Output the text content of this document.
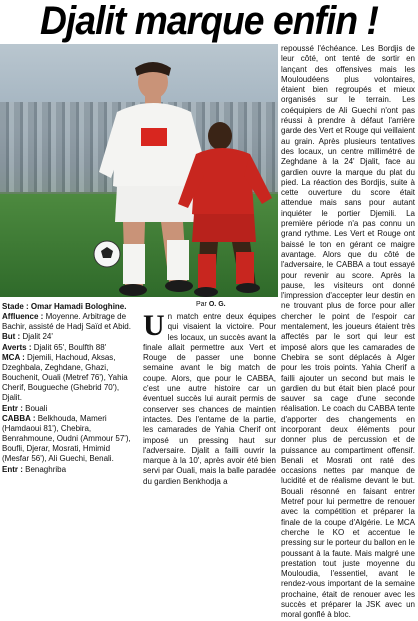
Djalit marque enfin !

Stade : Omar Hamadi Bologhine.

Affluence : Moyenne. Arbitrage de Bachir, assisté de Hadj Saïd et Abid.

But : Djalit 24'

Averts : Djalit 65', Boulfth 88'

MCA : Djemili, Hachoud, Aksas, Dzeghbala, Zeghdane, Ghazi, Bouchenit, Ouali (Metref 76'), Yahia Cherif, Bougueche (Ghebrid 70'), Djalit.

Entr : Bouali

CABBA : Belkhouda, Mameri (Hamdaoui 81'), Chebira, Benrahmoune, Oudni (Ammour 57'), Boufli, Djerar, Mosrati, Hmimid (Mesfar 56'), Ali Guechi, Benali.

Entr : Benaghriba

Par O. G.
Un match entre deux équipes qui visaient la victoire. Pour les locaux, un succès avant la finale allait permettre aux Vert et Rouge de passer une bonne semaine avant le big match de coupe. Alors, que pour le CABBA, c'est une autre histoire car un éventuel succès lui aurait permis de conserver ses chances de maintien intactes. Des l'entame de la partie, les camarades de Yahia Cherif ont imposé un pressing haut sur l'adversaire. Djalit a failli ouvrir la marque à la 10', après avoir été bien servi par Ouali, mais la balle paradée du gardien Benkhodja a
repoussé l'échéance. Les Bordjis de leur côté, ont tenté de sortir en lançant des offensives mais les Mouloudéens plus volontaires, étaient bien regroupés et mieux organisés sur le terrain. Les coéquipiers de Ali Guechi n'ont pas réussi à prendre à défaut l'arrière garde des Vert et Rouge qui veillaient au grain. Après plusieurs tentatives des locaux, un centre millimétré de Zeghdane à la 24' Djalit, face au gardien ouvre la marque du plat du pied. La réaction des Bordjis, suite à cette ouverture du score était attendue mais sans pour autant inquiéter le portier Djemili. La première période n'a pas connu un grand rythme. Les Vert et Rouge ont baissé le ton en gérant ce maigre avantage. Alors que du côté de l'adversaire, le CABBA a tout essayé pour revenir au score. Après la pause, les visiteurs ont donné l'impression d'accepter leur destin en ne trouvant plus de force pour aller chercher le point de l'espoir car mentalement, les joueurs étaient très affectés par le sort qui leur est imposé alors que les camarades de Chebira se sont déplacés à Alger pour les trois points. Yahia Cherif a failli ajouter un second but mais le gardien du but était bien placé pour sauver sa cage d'une seconde réalisation. Le coach du CABBA tente d'apporter des changements en incorporant deux éléments pour donner plus de percussion et de puissance au compartiment offensif. Benali et Mosrati ont raté des occasions nettes par manque de lucidité et de réalisme devant le but. Bouali résonné en faisant entrer Metref pour lui permettre de renouer avec la compétition et préparer la finale de la coupe d'Algérie. Le MCA cherche le KO et accentue le pressing sur le porteur du ballon en le poussant à la faute. Mais malgré une prestation tout juste moyenne du Mouloudia, l'essentiel, avant le rendez-vous important de la semaine prochaine, était de renouer avec les succès et préparer la JSK avec un moral gonflé à bloc.
